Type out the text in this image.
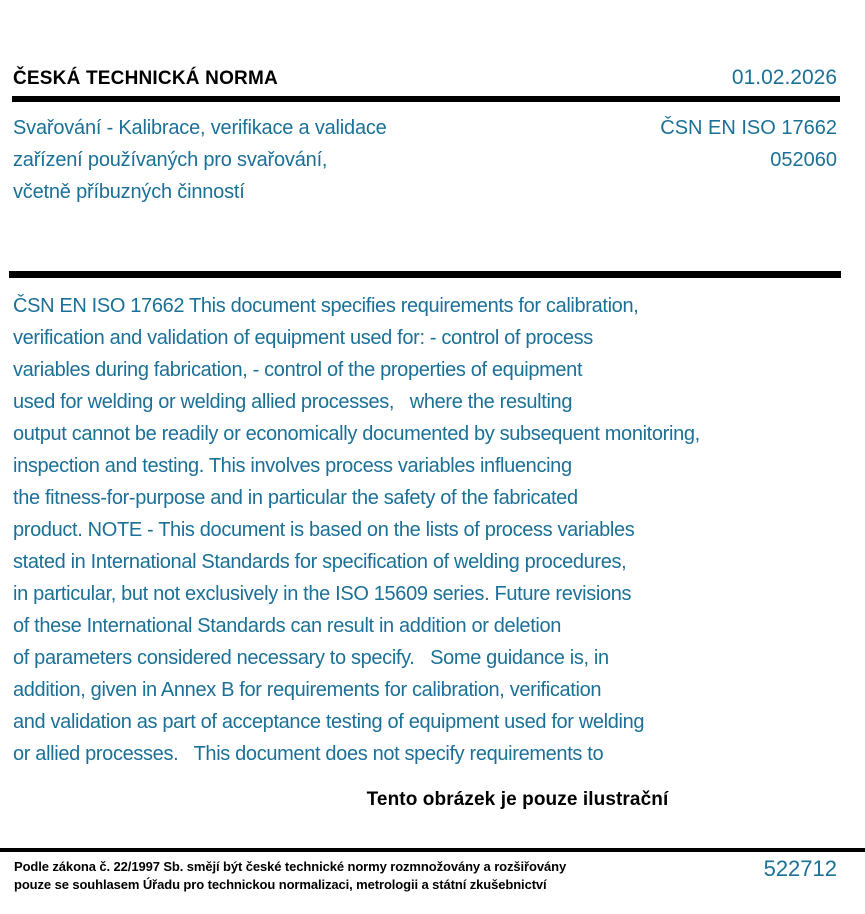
ČESKÁ TECHNICKÁ NORMA	01.02.2026
Svařování - Kalibrace, verifikace a validace
zařízení používaných pro svařování,
včetně příbuzných činností
ČSN EN ISO 17662
052060
ČSN EN ISO 17662 This document specifies requirements for calibration,
verification and validation of equipment used for: - control of process
variables during fabrication, - control of the properties of equipment
used for welding or welding allied processes,   where the resulting
output cannot be readily or economically documented by subsequent monitoring,
inspection and testing. This involves process variables influencing
the fitness-for-purpose and in particular the safety of the fabricated
product. NOTE - This document is based on the lists of process variables
stated in International Standards for specification of welding procedures,
in particular, but not exclusively in the ISO 15609 series. Future revisions
of these International Standards can result in addition or deletion
of parameters considered necessary to specify.   Some guidance is, in
addition, given in Annex B for requirements for calibration, verification
and validation as part of acceptance testing of equipment used for welding
or allied processes.   This document does not specify requirements to
Tento obrázek je pouze ilustrační
Podle zákona č. 22/1997 Sb. smějí být české technické normy rozmnožovány a rozšiřovány
pouze se souhlasem Úřadu pro technickou normalizaci, metrologii a státní zkušebnictví
522712
